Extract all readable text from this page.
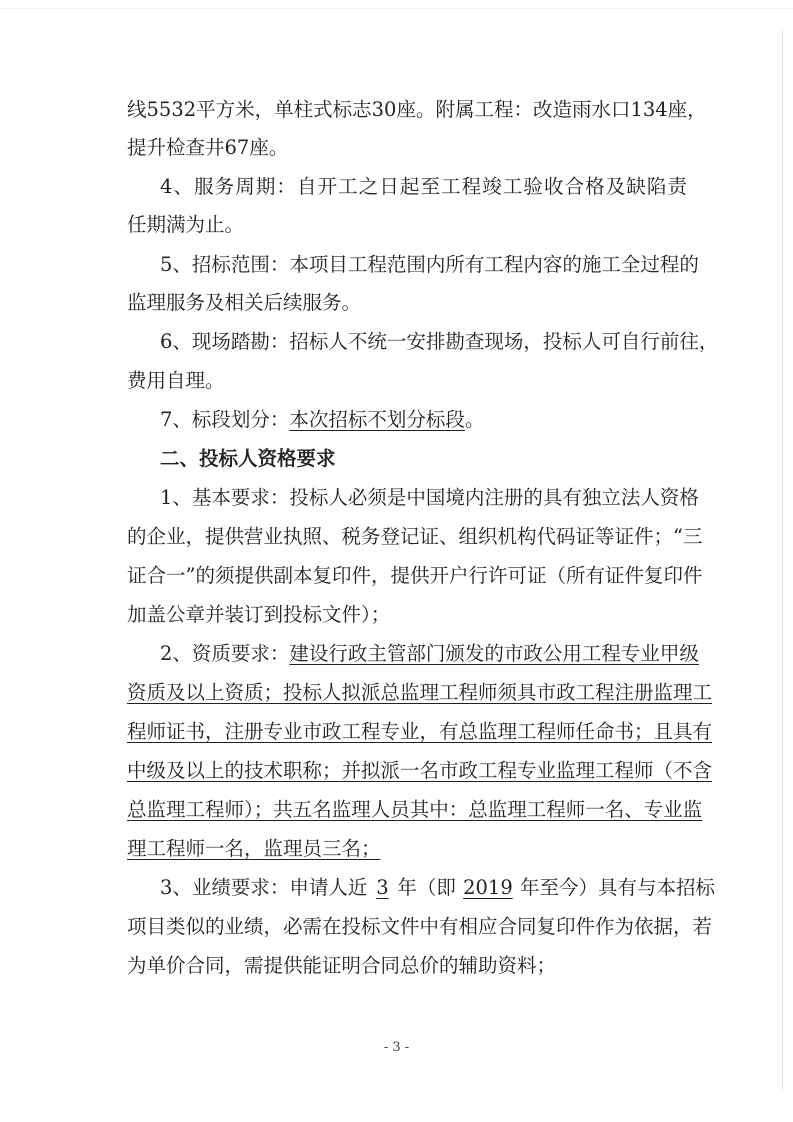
线5532平方米，单柱式标志30座。附属工程：改造雨水口134座，
提升检查井67座。
4、服务周期：自开工之日起至工程竣工验收合格及缺陷责
任期满为止。
5、招标范围：本项目工程范围内所有工程内容的施工全过程的
监理服务及相关后续服务。
6、现场踏勘：招标人不统一安排勘查现场，投标人可自行前往，
费用自理。
7、标段划分：本次招标不划分标段。
二、投标人资格要求
1、基本要求：投标人必须是中国境内注册的具有独立法人资格
的企业，提供营业执照、税务登记证、组织机构代码证等证件；“三
证合一”的须提供副本复印件，提供开户行许可证（所有证件复印件
加盖公章并装订到投标文件）；
2、资质要求：建设行政主管部门颁发的市政公用工程专业甲级
资质及以上资质；投标人拟派总监理工程师须具市政工程注册监理工
程师证书，注册专业市政工程专业，有总监理工程师任命书；且具有
中级及以上的技术职称；并拟派一名市政工程专业监理工程师（不含
总监理工程师）；共五名监理人员其中：总监理工程师一名、专业监
理工程师一名，监理员三名；
3、业绩要求：申请人近 3 年（即 2019 年至今）具有与本招标
项目类似的业绩，必需在投标文件中有相应合同复印件作为依据，若
为单价合同，需提供能证明合同总价的辅助资料；
- 3 -
